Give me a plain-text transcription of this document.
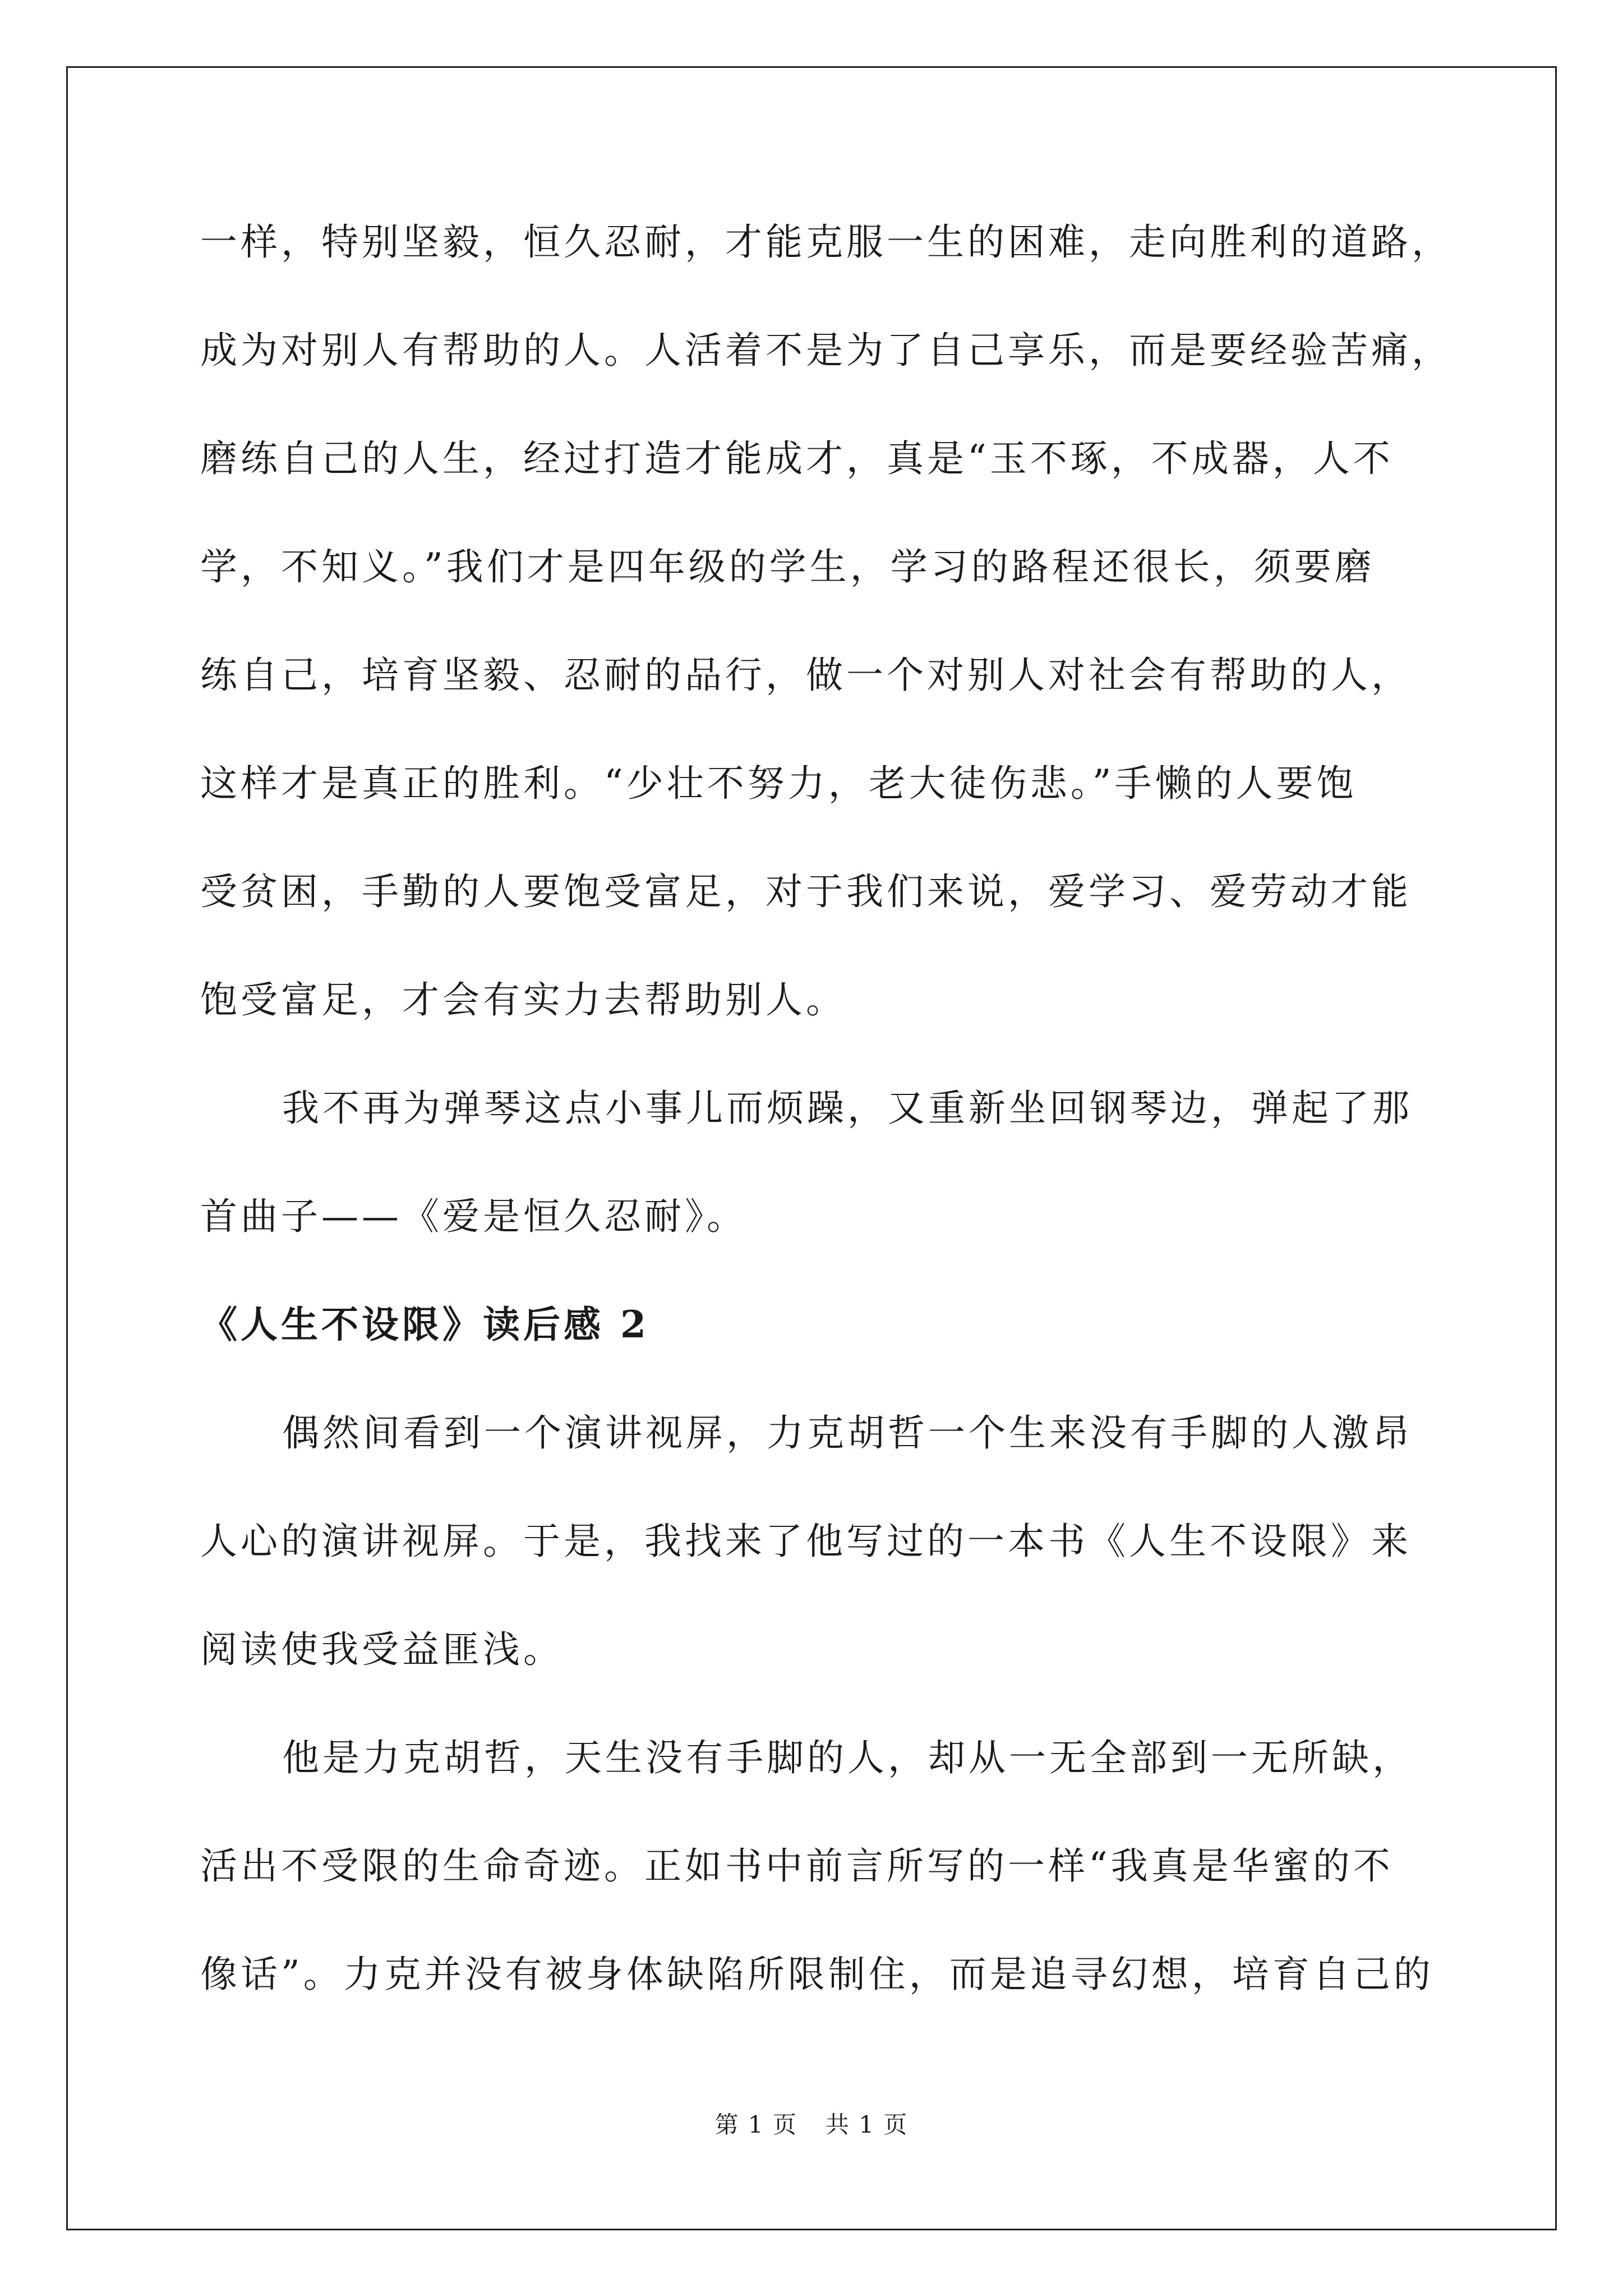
一样，特别坚毅，恒久忍耐，才能克服一生的困难，走向胜利的道路，
成为对别人有帮助的人。人活着不是为了自己享乐，而是要经验苦痛，
磨练自己的人生，经过打造才能成才，真是“玉不琢，不成器，人不
学，不知义。”我们才是四年级的学生，学习的路程还很长，须要磨
练自己，培育坚毅、忍耐的品行，做一个对别人对社会有帮助的人，
这样才是真正的胜利。“少壮不努力，老大徒伤悲。”手懒的人要饱
受贫困，手勤的人要饱受富足，对于我们来说，爱学习、爱劳动才能
饱受富足，才会有实力去帮助别人。

我不再为弹琴这点小事儿而烦躁，又重新坐回钢琴边，弹起了那
首曲子——《爱是恒久忍耐》。

《人生不设限》读后感 2

偶然间看到一个演讲视屏，力克胡哲一个生来没有手脚的人激昂
人心的演讲视屏。于是，我找来了他写过的一本书《人生不设限》来
阅读使我受益匪浅。

他是力克胡哲，天生没有手脚的人，却从一无全部到一无所缺，
活出不受限的生命奇迹。正如书中前言所写的一样“我真是华蜜的不
像话”。力克并没有被身体缺陷所限制住，而是追寻幻想，培育自己的

第 1 页 共 1 页
